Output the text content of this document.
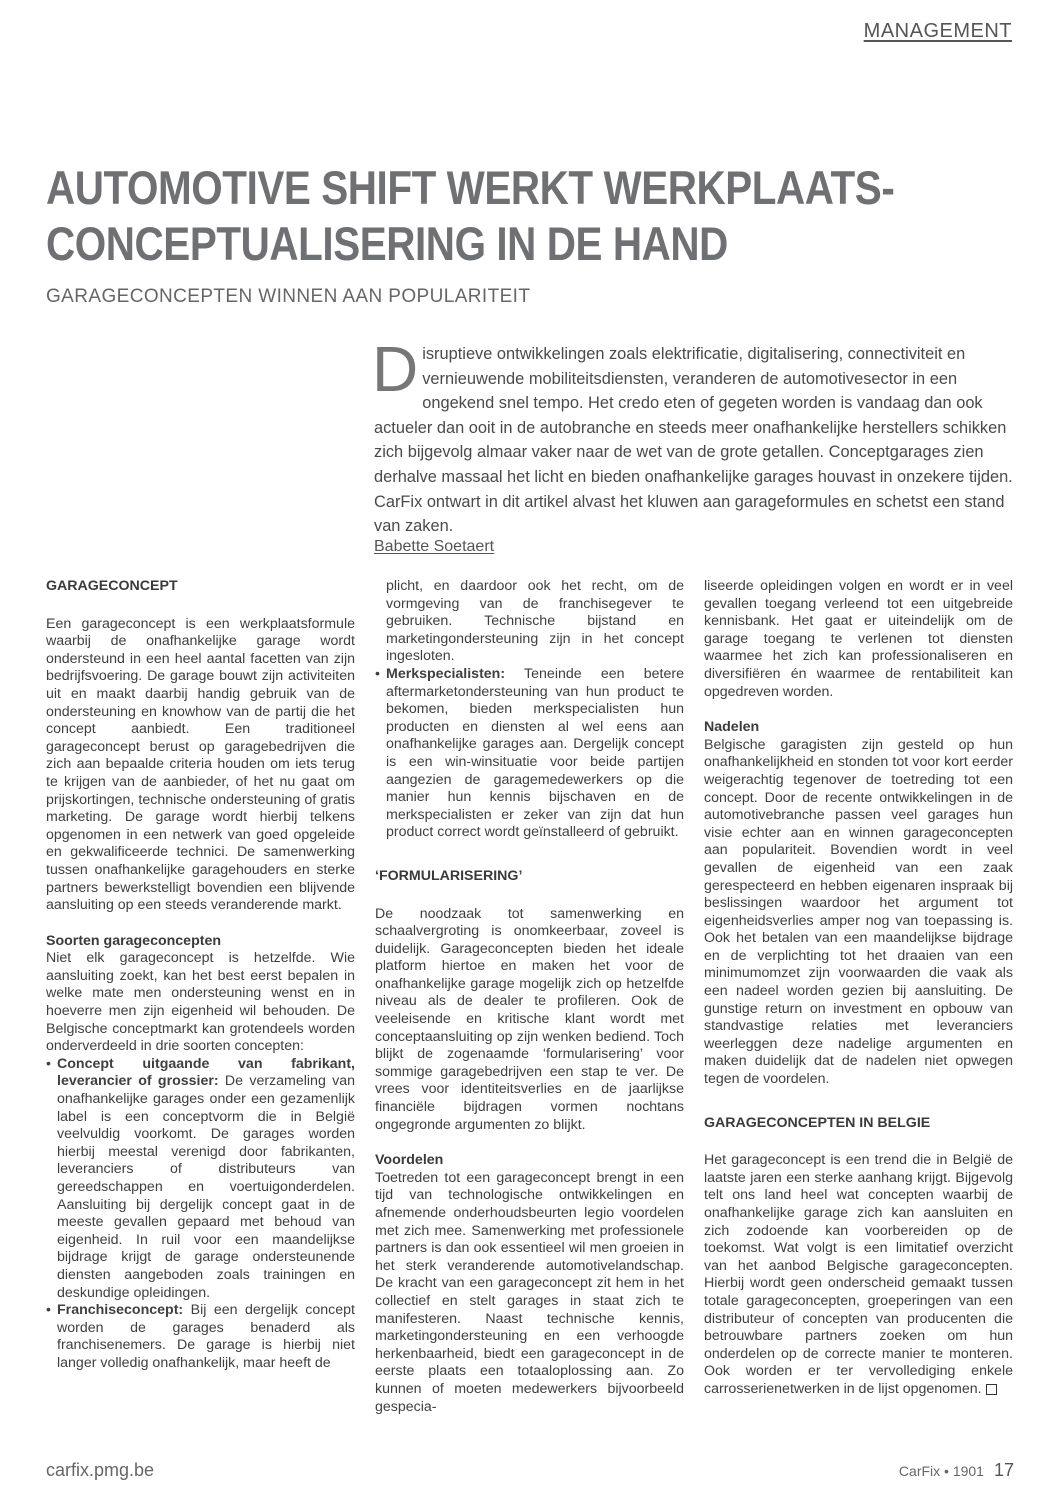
MANAGEMENT
AUTOMOTIVE SHIFT WERKT WERKPLAATS-
CONCEPTUALISERING IN DE HAND
GARAGECONCEPTEN WINNEN AAN POPULARITEIT

Disruptieve ontwikkelingen zoals elektrificatie, digitalisering, connectiviteit en vernieuwende mobiliteitsdiensten, veranderen de automotivesector in een ongekend snel tempo. Het credo eten of gegeten worden is vandaag dan ook actueler dan ooit in de autobranche en steeds meer onafhankelijke herstellers schikken zich bijgevolg almaar vaker naar de wet van de grote getallen. Conceptgarages zien derhalve massaal het licht en bieden onafhankelijke garages houvast in onzekere tijden. CarFix ontwart in dit artikel alvast het kluwen aan garageformules en schetst een stand van zaken.

Babette Soetaert

GARAGECONCEPT

Een garageconcept is een werkplaatsformule waarbij de onafhankelijke garage wordt ondersteund in een heel aantal facetten van zijn bedrijfsvoering. De garage bouwt zijn activiteiten uit en maakt daarbij handig gebruik van de ondersteuning en knowhow van de partij die het concept aanbiedt. Een traditioneel garageconcept berust op garagebedrijven die zich aan bepaalde criteria houden om iets terug te krijgen van de aanbieder, of het nu gaat om prijskortingen, technische ondersteuning of gratis marketing. De garage wordt hierbij telkens opgenomen in een netwerk van goed opgeleide en gekwalificeerde technici. De samenwerking tussen onafhankelijke garagehouders en sterke partners bewerkstelligt bovendien een blijvende aansluiting op een steeds veranderende markt.

Soorten garageconcepten

Niet elk garageconcept is hetzelfde. Wie aansluiting zoekt, kan het best eerst bepalen in welke mate men ondersteuning wenst en in hoeverre men zijn eigenheid wil behouden. De Belgische conceptmarkt kan grotendeels worden onderverdeeld in drie soorten concepten:

• Concept uitgaande van fabrikant, leverancier of grossier: De verzameling van onafhankelijke garages onder een gezamenlijk label is een conceptvorm die in België veelvuldig voorkomt. De garages worden hierbij meestal verenigd door fabrikanten, leveranciers of distributeurs van gereedschappen en voertuigonderdelen. Aansluiting bij dergelijk concept gaat in de meeste gevallen gepaard met behoud van eigenheid. In ruil voor een maandelijkse bijdrage krijgt de garage ondersteunende diensten aangeboden zoals trainingen en deskundige opleidingen.
• Franchiseconcept: Bij een dergelijk concept worden de garages benaderd als franchisenemers. De garage is hierbij niet langer volledig onafhankelijk, maar heeft de

plicht, en daardoor ook het recht, om de vormgeving van de franchisegever te gebruiken. Technische bijstand en marketingondersteuning zijn in het concept ingesloten.

• Merkspecialisten: Teneinde een betere aftermarketondersteuning van hun product te bekomen, bieden merkspecialisten hun producten en diensten al wel eens aan onafhankelijke garages aan. Dergelijk concept is een win-winsituatie voor beide partijen aangezien de garagemedewerkers op die manier hun kennis bijschaven en de merkspecialisten er zeker van zijn dat hun product correct wordt geïnstalleerd of gebruikt.

‘FORMULARISERING’

De noodzaak tot samenwerking en schaalvergroting is onomkeerbaar, zoveel is duidelijk. Garageconcepten bieden het ideale platform hiertoe en maken het voor de onafhankelijke garage mogelijk zich op hetzelfde niveau als de dealer te profileren. Ook de veeleisende en kritische klant wordt met conceptaansluiting op zijn wenken bediend. Toch blijkt de zogenaamde ‘formularisering’ voor sommige garagebedrijven een stap te ver. De vrees voor identiteitsverlies en de jaarlijkse financiële bijdragen vormen nochtans ongegronde argumenten zo blijkt.

Voordelen

Toetreden tot een garageconcept brengt in een tijd van technologische ontwikkelingen en afnemende onderhoudsbeurten legio voordelen met zich mee. Samenwerking met professionele partners is dan ook essentieel wil men groeien in het sterk veranderende automotivelandschap. De kracht van een garageconcept zit hem in het collectief en stelt garages in staat zich te manifesteren. Naast technische kennis, marketingondersteuning en een verhoogde herkenbaarheid, biedt een garageconcept in de eerste plaats een totaaloplossing aan. Zo kunnen of moeten medewerkers bijvoorbeeld gespecia-

liseerde opleidingen volgen en wordt er in veel gevallen toegang verleend tot een uitgebreide kennisbank. Het gaat er uiteindelijk om de garage toegang te verlenen tot diensten waarmee het zich kan professionaliseren en diversifiëren én waarmee de rentabiliteit kan opgedreven worden.

Nadelen

Belgische garagisten zijn gesteld op hun onafhankelijkheid en stonden tot voor kort eerder weigerachtig tegenover de toetreding tot een concept. Door de recente ontwikkelingen in de automotivebranche passen veel garages hun visie echter aan en winnen garageconcepten aan populariteit. Bovendien wordt in veel gevallen de eigenheid van een zaak gerespecteerd en hebben eigenaren inspraak bij beslissingen waardoor het argument tot eigenheidsverlies amper nog van toepassing is. Ook het betalen van een maandelijkse bijdrage en de verplichting tot het draaien van een minimumomzet zijn voorwaarden die vaak als een nadeel worden gezien bij aansluiting. De gunstige return on investment en opbouw van standvastige relaties met leveranciers weerleggen deze nadelige argumenten en maken duidelijk dat de nadelen niet opwegen tegen de voordelen.

GARAGECONCEPTEN IN BELGIE

Het garageconcept is een trend die in België de laatste jaren een sterke aanhang krijgt. Bijgevolg telt ons land heel wat concepten waarbij de onafhankelijke garage zich kan aansluiten en zich zodoende kan voorbereiden op de toekomst. Wat volgt is een limitatief overzicht van het aanbod Belgische garageconcepten. Hierbij wordt geen onderscheid gemaakt tussen totale garageconcepten, groeperingen van een distributeur of concepten van producenten die betrouwbare partners zoeken om hun onderdelen op de correcte manier te monteren. Ook worden er ter vervollediging enkele carrosserienetwerken in de lijst opgenomen.

carfix.pmg.be	CarFix • 1901 17
